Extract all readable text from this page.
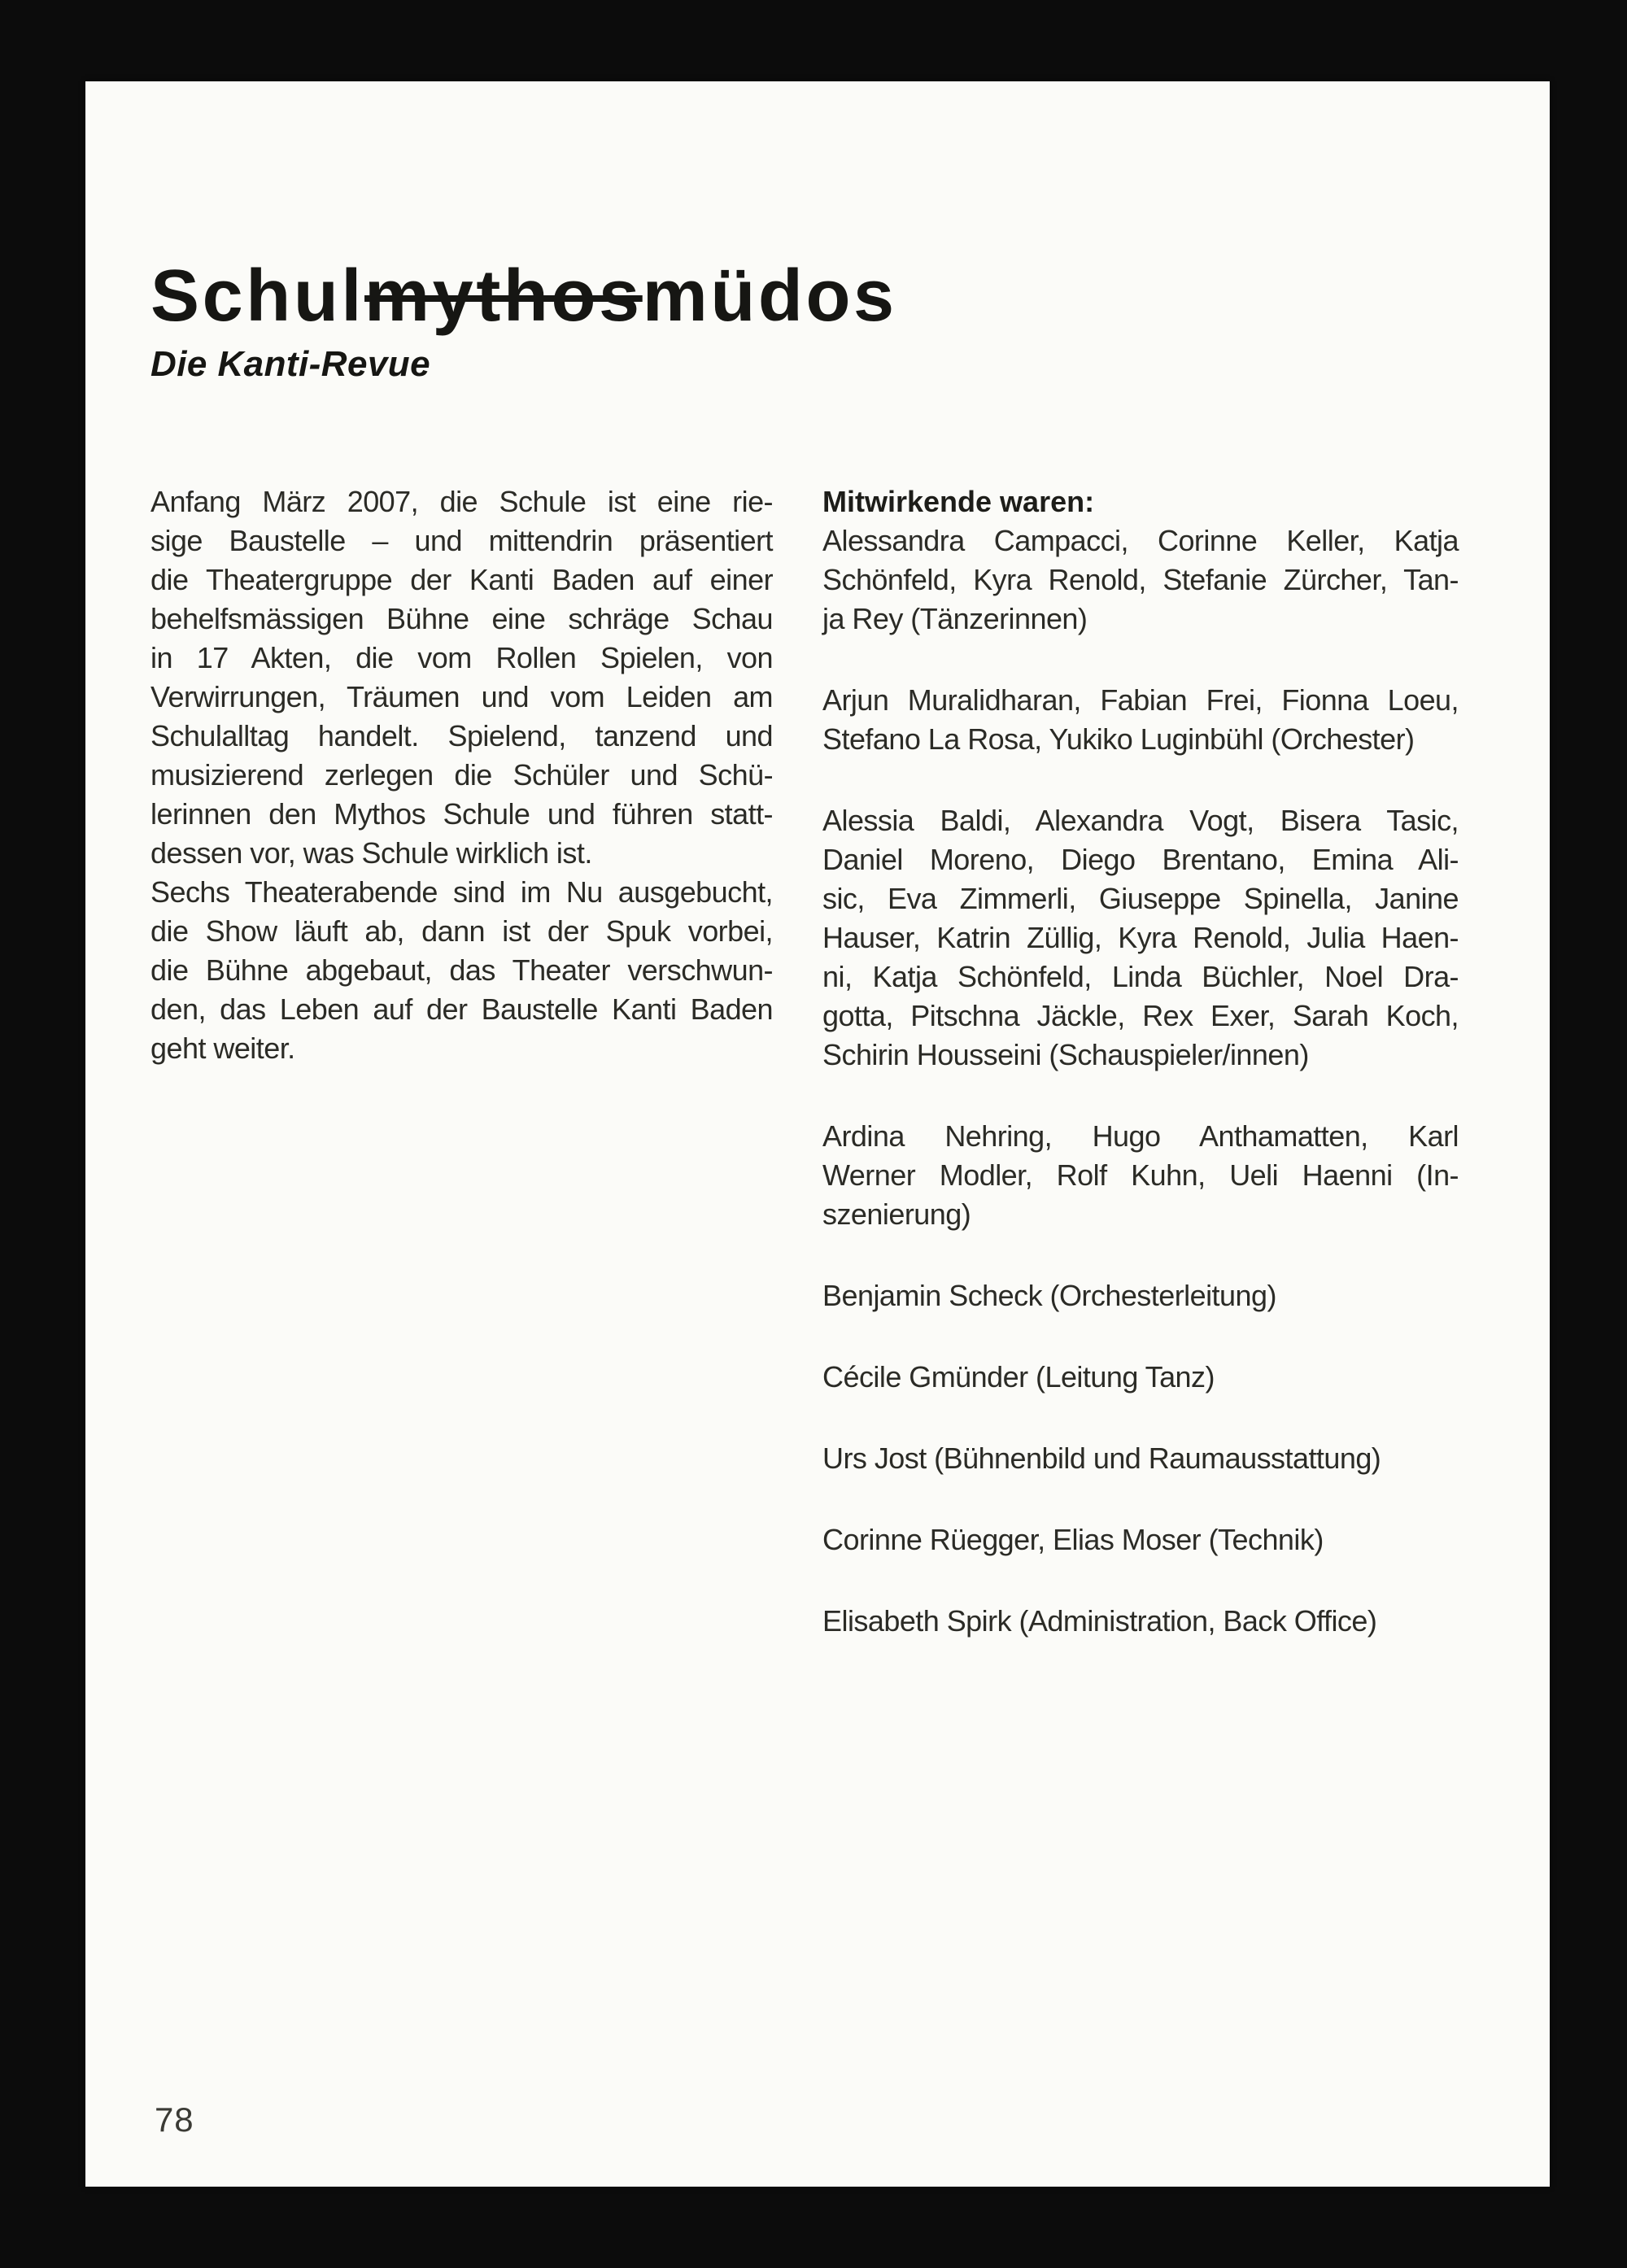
Schulmythosmüdos
Die Kanti-Revue
Anfang März 2007, die Schule ist eine rie-
sige Baustelle – und mittendrin präsentiert
die Theatergruppe der Kanti Baden auf einer
behelfsmässigen Bühne eine schräge Schau
in 17 Akten, die vom Rollen Spielen, von
Verwirrungen, Träumen und vom Leiden am
Schulalltag handelt. Spielend, tanzend und
musizierend zerlegen die Schüler und Schü-
lerinnen den Mythos Schule und führen statt-
dessen vor, was Schule wirklich ist.
Sechs Theaterabende sind im Nu ausgebucht,
die Show läuft ab, dann ist der Spuk vorbei,
die Bühne abgebaut, das Theater verschwun-
den, das Leben auf der Baustelle Kanti Baden
geht weiter.
Mitwirkende waren:
Alessandra Campacci, Corinne Keller, Katja
Schönfeld, Kyra Renold, Stefanie Zürcher, Tan-
ja Rey (Tänzerinnen)
Arjun Muralidharan, Fabian Frei, Fionna Loeu,
Stefano La Rosa, Yukiko Luginbühl (Orchester)
Alessia Baldi, Alexandra Vogt, Bisera Tasic,
Daniel Moreno, Diego Brentano, Emina Ali-
sic, Eva Zimmerli, Giuseppe Spinella, Janine
Hauser, Katrin Züllig, Kyra Renold, Julia Haen-
ni, Katja Schönfeld, Linda Büchler, Noel Dra-
gotta, Pitschna Jäckle, Rex Exer, Sarah Koch,
Schirin Housseini (Schauspieler/innen)
Ardina Nehring, Hugo Anthamatten, Karl
Werner Modler, Rolf Kuhn, Ueli Haenni (In-
szenierung)
Benjamin Scheck (Orchesterleitung)
Cécile Gmünder (Leitung Tanz)
Urs Jost (Bühnenbild und Raumausstattung)
Corinne Rüegger, Elias Moser (Technik)
Elisabeth Spirk (Administration, Back Office)
78
